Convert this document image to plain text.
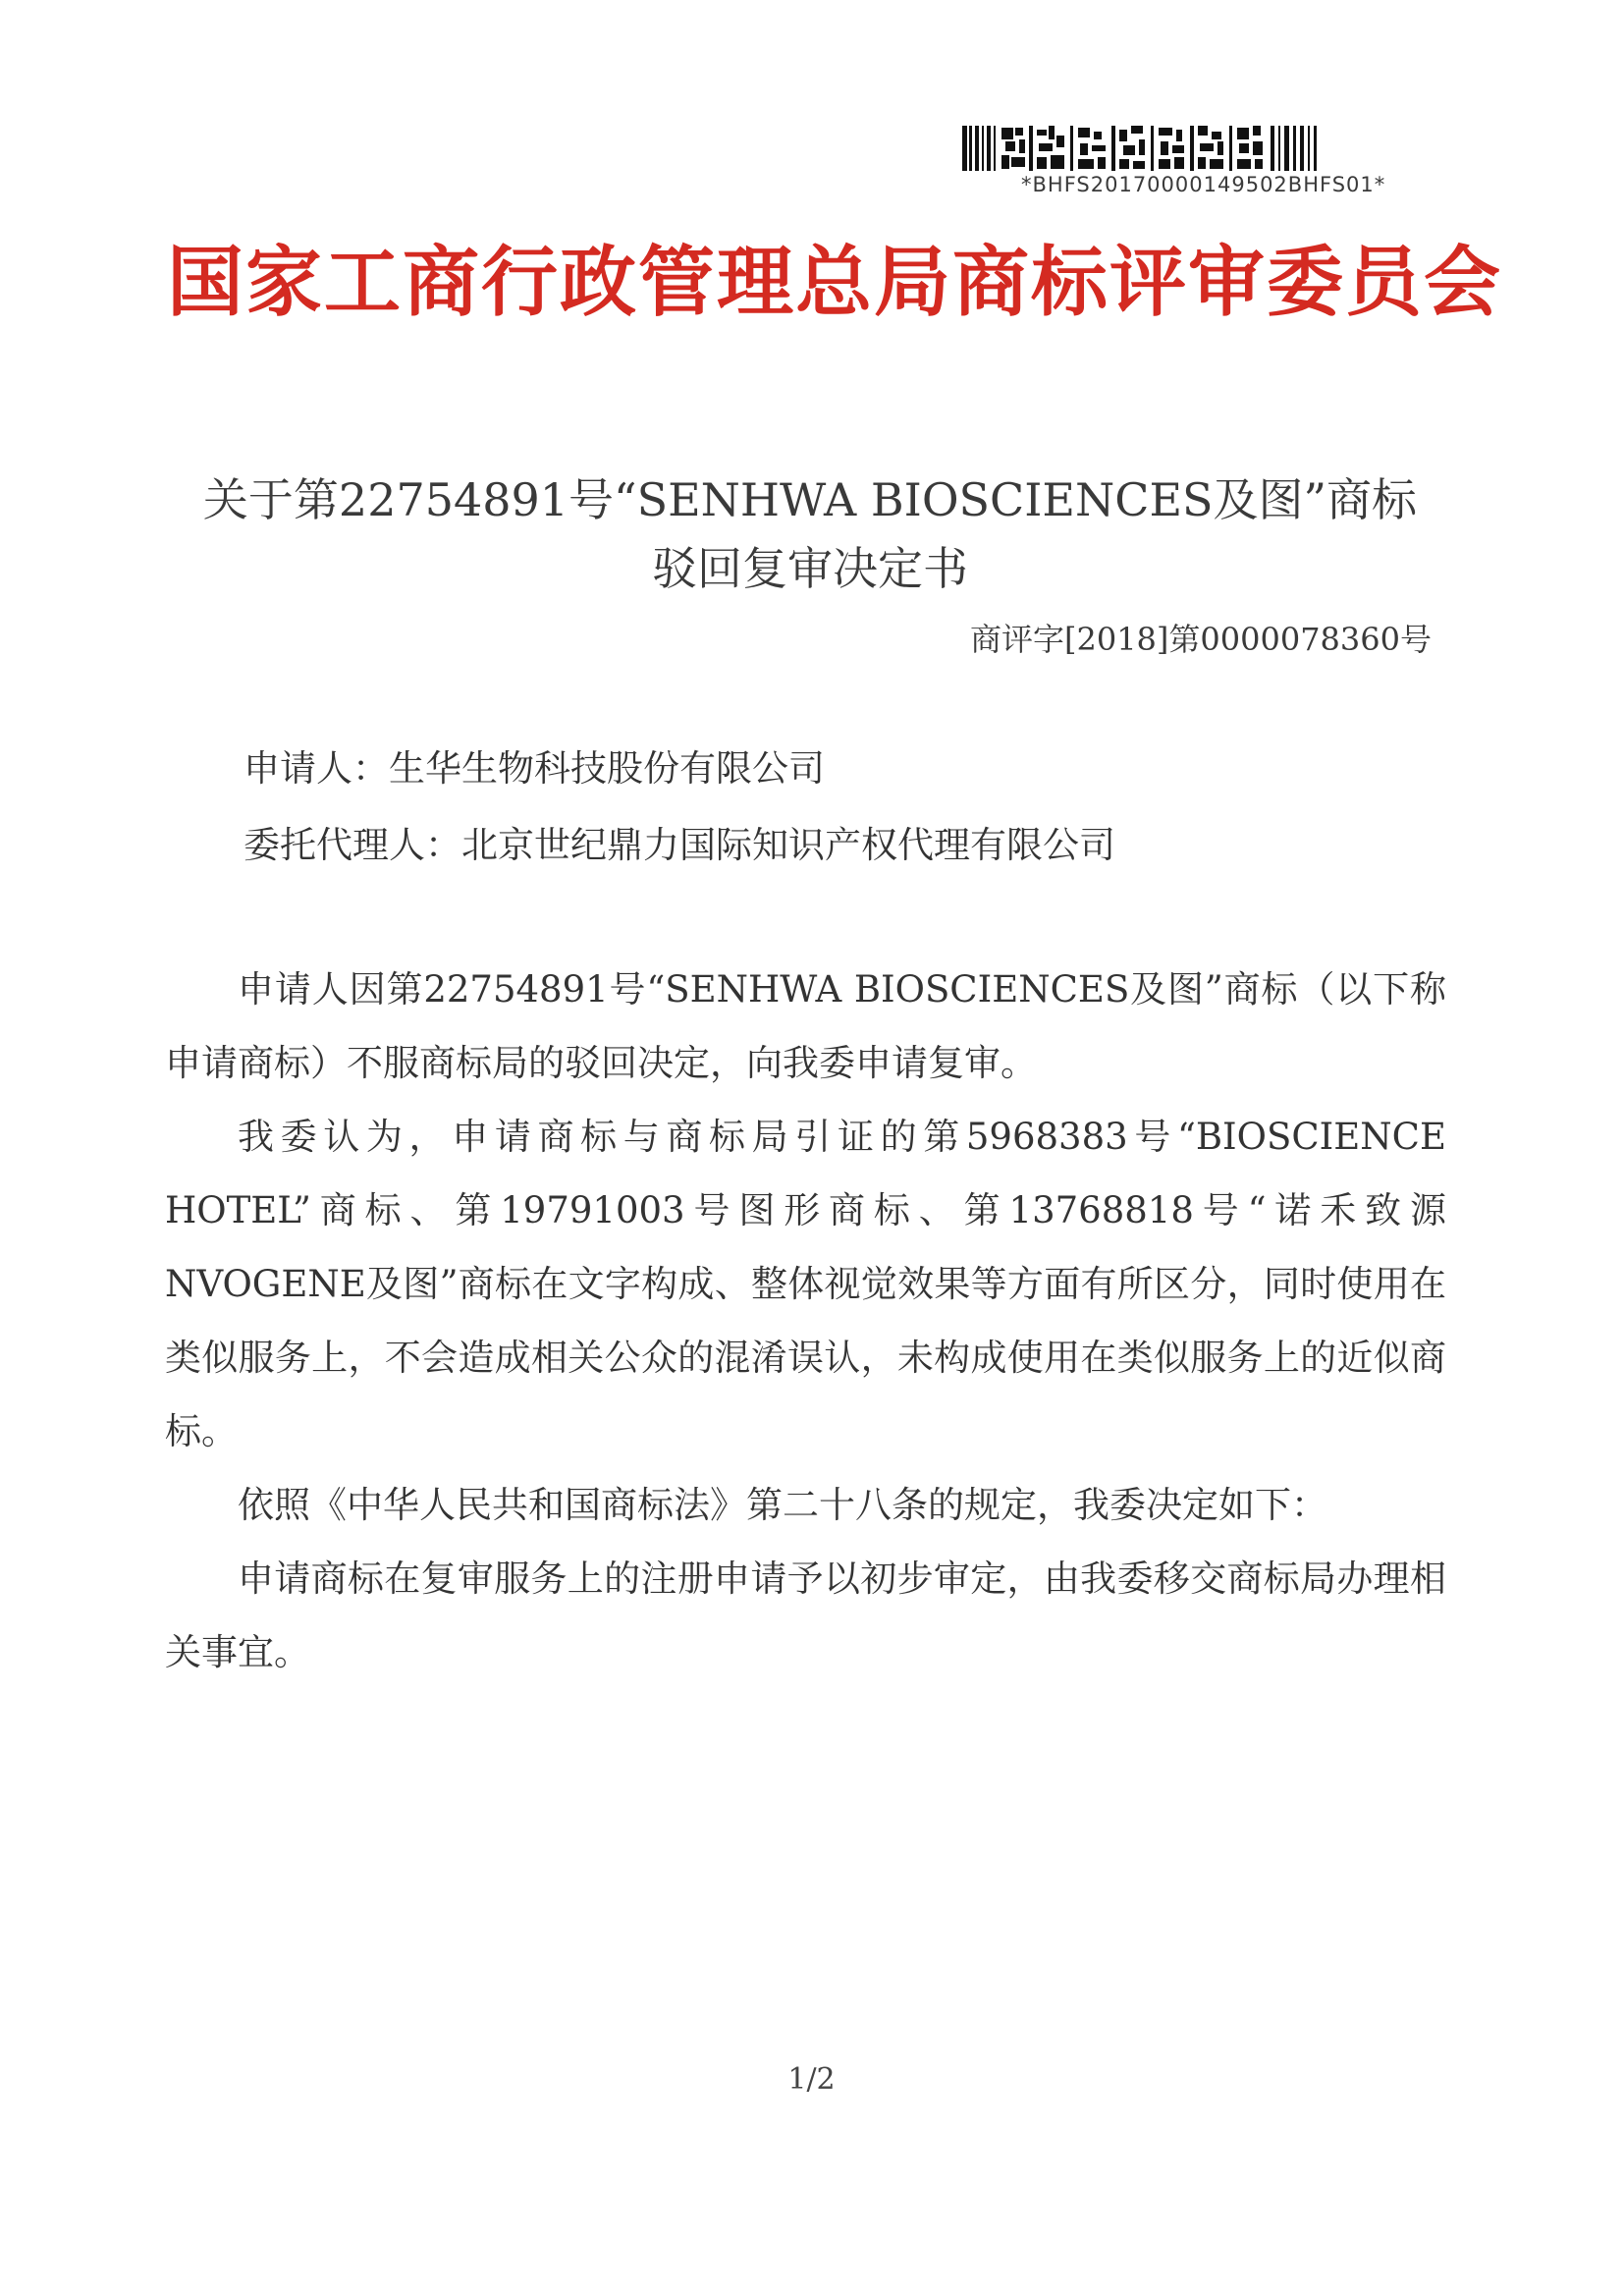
*BHFS20170000149502BHFS01*
国家工商行政管理总局商标评审委员会
关于第22754891号“SENHWA BIOSCIENCES及图”商标
驳回复审决定书
商评字[2018]第0000078360号
申请人：生华生物科技股份有限公司
委托代理人：北京世纪鼎力国际知识产权代理有限公司

申请人因第22754891号“SENHWA BIOSCIENCES及图”商标（以下称申请商标）不服商标局的驳回决定，向我委申请复审。

我委认为，申请商标与商标局引证的第5968383号“BIOSCIENCE HOTEL”商标、第19791003号图形商标、第13768818号“诺禾致源NVOGENE及图”商标在文字构成、整体视觉效果等方面有所区分，同时使用在类似服务上，不会造成相关公众的混淆误认，未构成使用在类似服务上的近似商标。

依照《中华人民共和国商标法》第二十八条的规定，我委决定如下：

申请商标在复审服务上的注册申请予以初步审定，由我委移交商标局办理相关事宜。

1/2
